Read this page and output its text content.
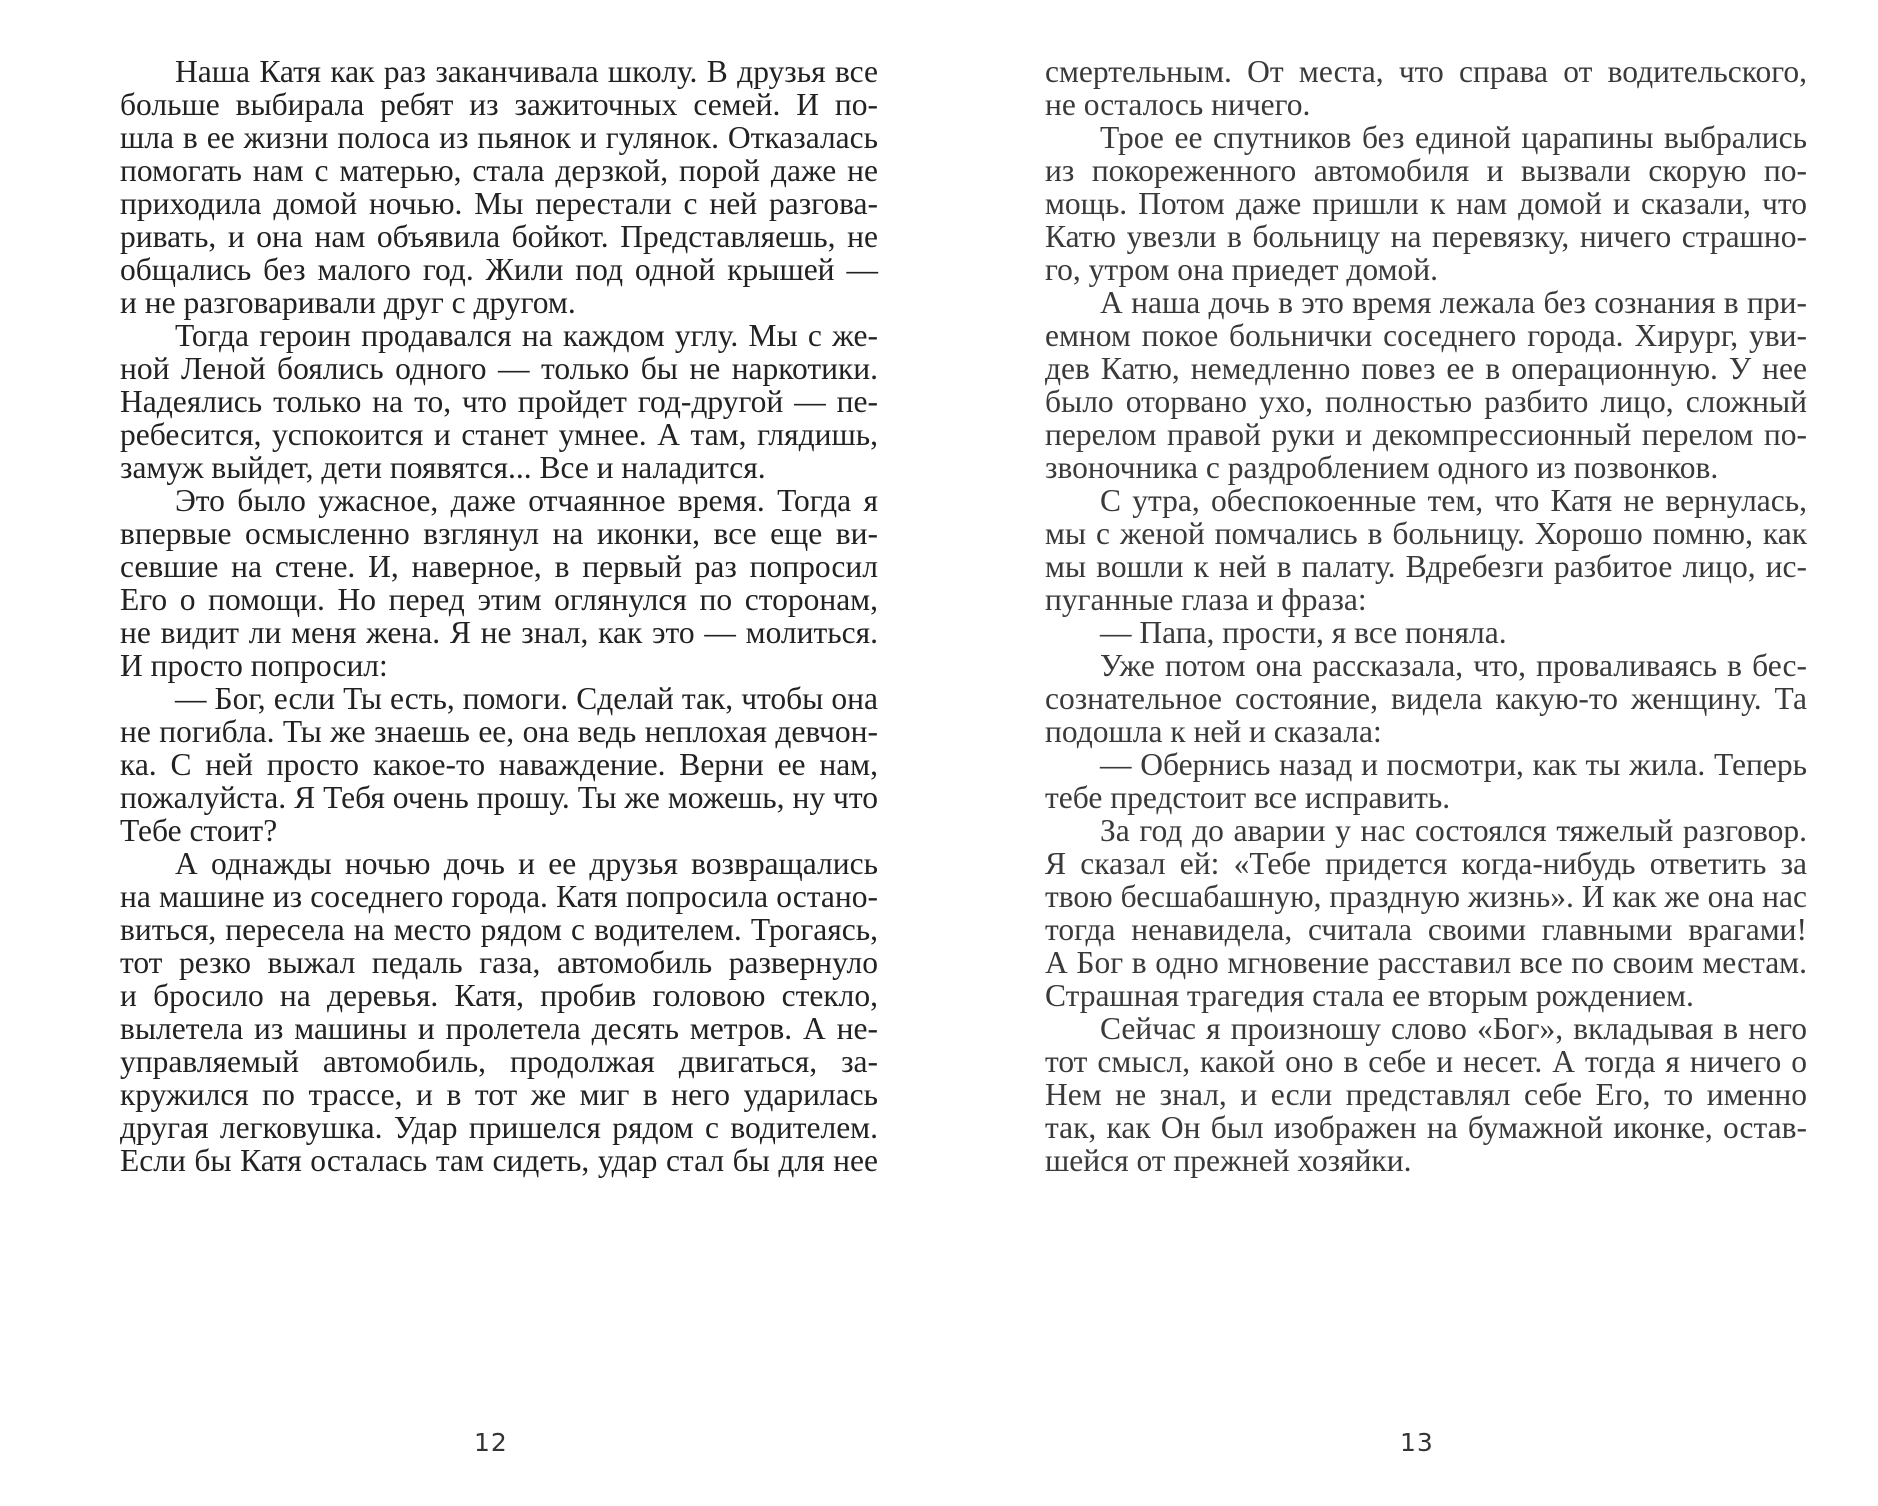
Наша Катя как раз заканчивала школу. В друзья все
больше выбирала ребят из зажиточных семей. И по-
шла в ее жизни полоса из пьянок и гулянок. Отказалась
помогать нам с матерью, стала дерзкой, порой даже не
приходила домой ночью. Мы перестали с ней разгова-
ривать, и она нам объявила бойкот. Представляешь, не
общались без малого год. Жили под одной крышей —
и не разговаривали друг с другом.
Тогда героин продавался на каждом углу. Мы с же-
ной Леной боялись одного — только бы не наркотики.
Надеялись только на то, что пройдет год-другой — пе-
ребесится, успокоится и станет умнее. А там, глядишь,
замуж выйдет, дети появятся... Все и наладится.
Это было ужасное, даже отчаянное время. Тогда я
впервые осмысленно взглянул на иконки, все еще ви-
севшие на стене. И, наверное, в первый раз попросил
Его о помощи. Но перед этим оглянулся по сторонам,
не видит ли меня жена. Я не знал, как это — молиться.
И просто попросил:
— Бог, если Ты есть, помоги. Сделай так, чтобы она
не погибла. Ты же знаешь ее, она ведь неплохая девчон-
ка. С ней просто какое-то наваждение. Верни ее нам,
пожалуйста. Я Тебя очень прошу. Ты же можешь, ну что
Тебе стоит?
А однажды ночью дочь и ее друзья возвращались
на машине из соседнего города. Катя попросила остано-
виться, пересела на место рядом с водителем. Трогаясь,
тот резко выжал педаль газа, автомобиль развернуло
и бросило на деревья. Катя, пробив головою стекло,
вылетела из машины и пролетела десять метров. А не-
управляемый автомобиль, продолжая двигаться, за-
кружился по трассе, и в тот же миг в него ударилась
другая легковушка. Удар пришелся рядом с водителем.
Если бы Катя осталась там сидеть, удар стал бы для нее
смертельным. От места, что справа от водительского,
не осталось ничего.
Трое ее спутников без единой царапины выбрались
из покореженного автомобиля и вызвали скорую по-
мощь. Потом даже пришли к нам домой и сказали, что
Катю увезли в больницу на перевязку, ничего страшно-
го, утром она приедет домой.
А наша дочь в это время лежала без сознания в при-
емном покое больнички соседнего города. Хирург, уви-
дев Катю, немедленно повез ее в операционную. У нее
было оторвано ухо, полностью разбито лицо, сложный
перелом правой руки и декомпрессионный перелом по-
звоночника с раздроблением одного из позвонков.
С утра, обеспокоенные тем, что Катя не вернулась,
мы с женой помчались в больницу. Хорошо помню, как
мы вошли к ней в палату. Вдребезги разбитое лицо, ис-
пуганные глаза и фраза:
— Папа, прости, я все поняла.
Уже потом она рассказала, что, проваливаясь в бес-
сознательное состояние, видела какую-то женщину. Та
подошла к ней и сказала:
— Обернись назад и посмотри, как ты жила. Теперь
тебе предстоит все исправить.
За год до аварии у нас состоялся тяжелый разговор.
Я сказал ей: «Тебе придется когда-нибудь ответить за
твою бесшабашную, праздную жизнь». И как же она нас
тогда ненавидела, считала своими главными врагами!
А Бог в одно мгновение расставил все по своим местам.
Страшная трагедия стала ее вторым рождением.
Сейчас я произношу слово «Бог», вкладывая в него
тот смысл, какой оно в себе и несет. А тогда я ничего о
Нем не знал, и если представлял себе Его, то именно
так, как Он был изображен на бумажной иконке, остав-
шейся от прежней хозяйки.
12	13
